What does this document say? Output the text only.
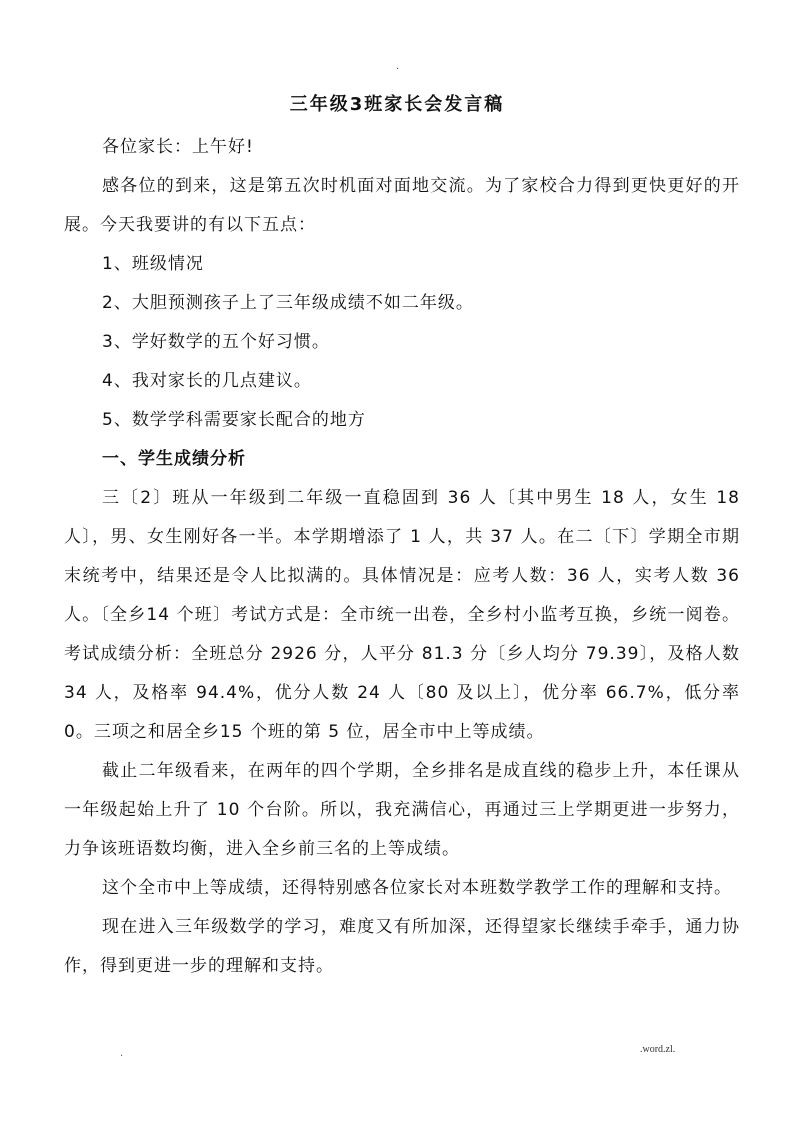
.
三年级3班家长会发言稿

各位家长：上午好!

感各位的到来，这是第五次时机面对面地交流。为了家校合力得到更快更好的开展。今天我要讲的有以下五点：

1、班级情况

2、大胆预测孩子上了三年级成绩不如二年级。

3、学好数学的五个好习惯。

4、我对家长的几点建议。

5、数学学科需要家长配合的地方

一、学生成绩分析

三〔2〕班从一年级到二年级一直稳固到 36 人〔其中男生 18 人，女生 18 人〕，男、女生刚好各一半。本学期增添了 1 人，共 37 人。在二〔下〕学期全市期末统考中，结果还是令人比拟满的。具体情况是：应考人数：36 人，实考人数 36 人。〔全乡14 个班〕考试方式是：全市统一出卷，全乡村小监考互换，乡统一阅卷。考试成绩分析：全班总分 2926 分，人平分 81.3 分〔乡人均分 79.39〕，及格人数 34 人，及格率 94.4%，优分人数 24 人〔80 及以上〕，优分率 66.7%，低分率 0。三项之和居全乡15 个班的第 5 位，居全市中上等成绩。

截止二年级看来，在两年的四个学期，全乡排名是成直线的稳步上升，本任课从一年级起始上升了 10 个台阶。所以，我充满信心，再通过三上学期更进一步努力，力争该班语数均衡，进入全乡前三名的上等成绩。

这个全市中上等成绩，还得特别感各位家长对本班数学教学工作的理解和支持。

现在进入三年级数学的学习，难度又有所加深，还得望家长继续手牵手，通力协作，得到更进一步的理解和支持。

.	.word.zl.
